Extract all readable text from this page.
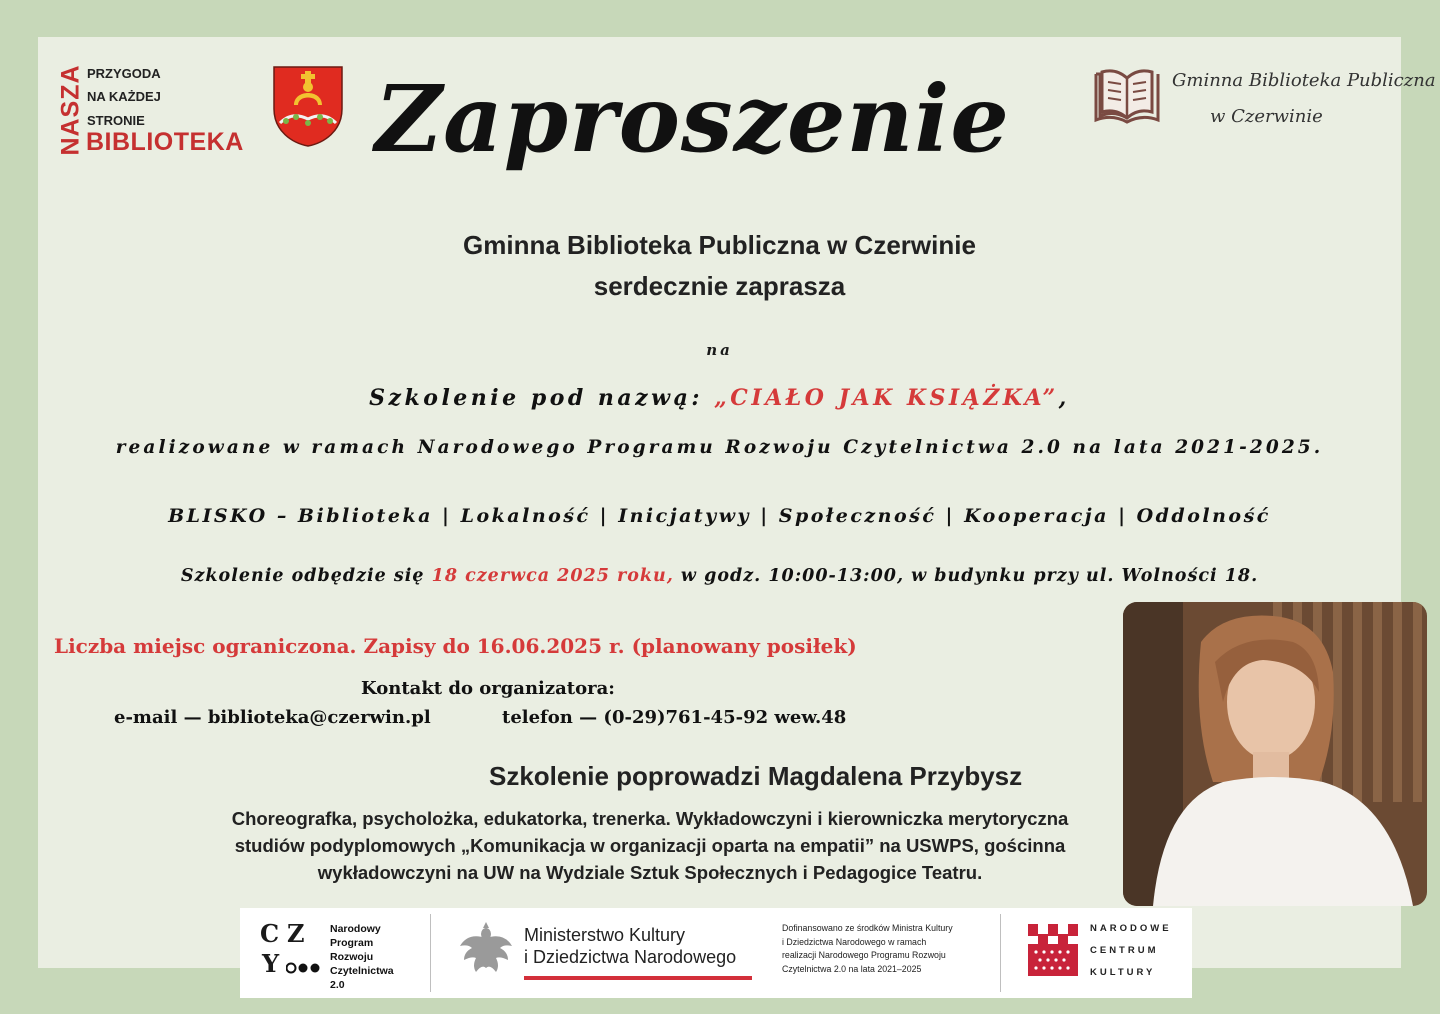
NASZA PRZYGODA
NA KAŻDEJ
STRONIE
BIBLIOTEKA Zaproszenie	Gminna Biblioteka Publiczna
w Czerwinie
Gminna Biblioteka Publiczna w Czerwinie
serdecznie zaprasza
na
Szkolenie pod nazwą: „CIAŁO JAK KSIĄŻKA”,
realizowane w ramach Narodowego Programu Rozwoju Czytelnictwa 2.0 na lata 2021-2025.
BLISKO – Biblioteka | Lokalność | Inicjatywy | Społeczność | Kooperacja | Oddolność
Szkolenie odbędzie się 18 czerwca 2025 roku, w godz. 10:00-13:00, w budynku przy ul. Wolności 18.
Liczba miejsc ograniczona. Zapisy do 16.06.2025 r. (planowany posiłek)
Kontakt do organizatora:
e-mail — biblioteka@czerwin.pl	telefon — (0-29)761-45-92 wew.48
Szkolenie poprowadzi Magdalena Przybysz
Choreografka, psycholożka, edukatorka, trenerka. Wykładowczyni i kierowniczka merytoryczna
studiów podyplomowych „Komunikacja w organizacji oparta na empatii” na USWPS, gościnna
wykładowczyni na UW na Wydziale Sztuk Społecznych i Pedagogice Teatru.
C Z
Y
Narodowy
Program
Rozwoju
Czytelnictwa
2.0
Ministerstwo Kultury
i Dziedzictwa Narodowego
Dofinansowano ze środków Ministra Kultury
i Dziedzictwa Narodowego w ramach
realizacji Narodowego Programu Rozwoju
Czytelnictwa 2.0 na lata 2021–2025
NARODOWE
CENTRUM
KULTURY
